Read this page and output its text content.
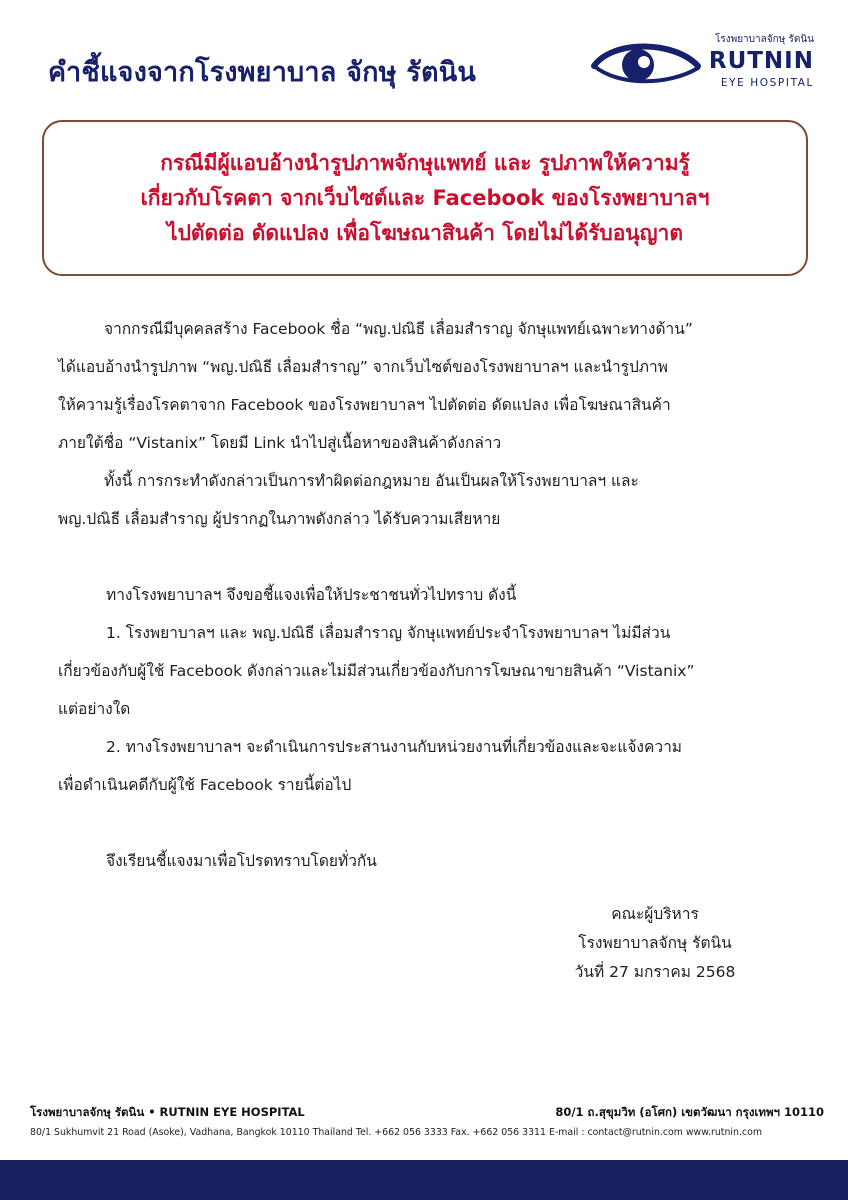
คำชี้แจงจากโรงพยาบาล จักษุ รัตนิน
โรงพยาบาลจักษุ รัตนิน
RUTNIN
EYE HOSPITAL
กรณีมีผู้แอบอ้างนำรูปภาพจักษุแพทย์ และ รูปภาพให้ความรู้
เกี่ยวกับโรคตา จากเว็บไซต์และ Facebook ของโรงพยาบาลฯ
ไปตัดต่อ ดัดแปลง เพื่อโฆษณาสินค้า โดยไม่ได้รับอนุญาต

จากกรณีมีบุคคลสร้าง Facebook ชื่อ “พญ.ปณิธี เลื่อมสำราญ จักษุแพทย์เฉพาะทางด้าน”

ได้แอบอ้างนำรูปภาพ “พญ.ปณิธี เลื่อมสำราญ” จากเว็บไซต์ของโรงพยาบาลฯ และนำรูปภาพ

ให้ความรู้เรื่องโรคตาจาก Facebook ของโรงพยาบาลฯ ไปตัดต่อ ดัดแปลง เพื่อโฆษณาสินค้า

ภายใต้ชื่อ “Vistanix” โดยมี Link นำไปสู่เนื้อหาของสินค้าดังกล่าว

ทั้งนี้ การกระทำดังกล่าวเป็นการทำผิดต่อกฎหมาย อันเป็นผลให้โรงพยาบาลฯ และ

พญ.ปณิธี เลื่อมสำราญ ผู้ปรากฏในภาพดังกล่าว ได้รับความเสียหาย

ทางโรงพยาบาลฯ จึงขอชี้แจงเพื่อให้ประชาชนทั่วไปทราบ ดังนี้

1. โรงพยาบาลฯ และ พญ.ปณิธี เลื่อมสำราญ จักษุแพทย์ประจำโรงพยาบาลฯ ไม่มีส่วน

เกี่ยวข้องกับผู้ใช้ Facebook ดังกล่าวและไม่มีส่วนเกี่ยวข้องกับการโฆษณาขายสินค้า “Vistanix”

แต่อย่างใด

2. ทางโรงพยาบาลฯ จะดำเนินการประสานงานกับหน่วยงานที่เกี่ยวข้องและจะแจ้งความ

เพื่อดำเนินคดีกับผู้ใช้ Facebook รายนี้ต่อไป

จึงเรียนชี้แจงมาเพื่อโปรดทราบโดยทั่วกัน

คณะผู้บริหาร
โรงพยาบาลจักษุ รัตนิน
วันที่ 27 มกราคม 2568
โรงพยาบาลจักษุ รัตนิน • RUTNIN EYE HOSPITAL	80/1 ถ.สุขุมวิท (อโศก) เขตวัฒนา กรุงเทพฯ 10110
80/1 Sukhumvit 21 Road (Asoke), Vadhana, Bangkok 10110 Thailand Tel. +662 056 3333 Fax. +662 056 3311 E-mail : contact@rutnin.com www.rutnin.com
